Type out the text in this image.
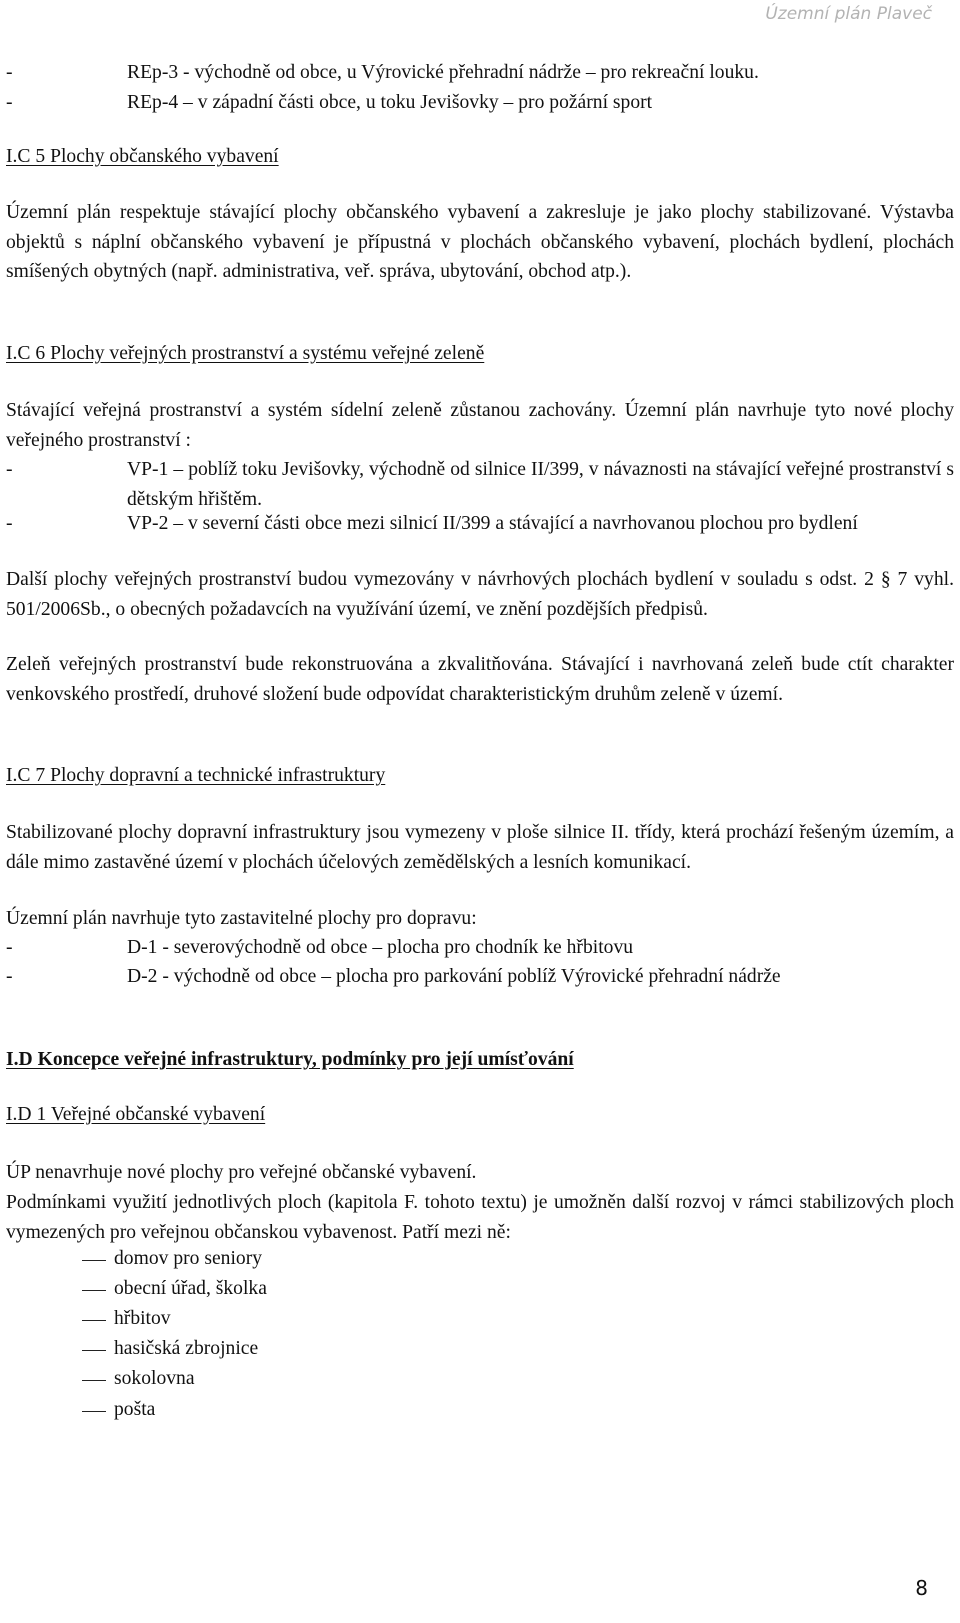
Územní plán Plaveč
-	REp-3 - východně od obce, u Výrovické přehradní nádrže – pro rekreační louku.
-	REp-4 – v západní části obce, u toku Jevišovky – pro požární sport
I.C 5 Plochy občanského vybavení

Územní plán respektuje stávající plochy občanského vybavení a zakresluje je jako plochy stabilizované. Výstavba objektů s náplní občanského vybavení je přípustná v plochách občanského vybavení, plochách bydlení, plochách smíšených obytných (např. administrativa, veř. správa, ubytování, obchod atp.).

I.C 6 Plochy veřejných prostranství a systému veřejné zeleně

Stávající veřejná prostranství a systém sídelní zeleně zůstanou zachovány. Územní plán navrhuje tyto nové plochy veřejného prostranství :

-	VP-1 – poblíž toku Jevišovky, východně od silnice II/399, v návaznosti na stávající veřejné prostranství s dětským hřištěm.
-	VP-2 – v severní části obce mezi silnicí II/399 a stávající a navrhovanou plochou pro bydlení

Další plochy veřejných prostranství budou vymezovány v návrhových plochách bydlení v souladu s odst. 2 § 7 vyhl. 501/2006Sb., o obecných požadavcích na využívání území, ve znění pozdějších předpisů.

Zeleň veřejných prostranství bude rekonstruována a zkvalitňována. Stávající i navrhovaná zeleň bude ctít charakter venkovského prostředí, druhové složení bude odpovídat charakteristickým druhům zeleně v území.

I.C 7 Plochy dopravní a technické infrastruktury

Stabilizované plochy dopravní infrastruktury jsou vymezeny v ploše silnice II. třídy, která prochází řešeným územím, a dále mimo zastavěné území v plochách účelových zemědělských a lesních komunikací.

Územní plán navrhuje tyto zastavitelné plochy pro dopravu:

-	D-1 - severovýchodně od obce – plocha pro chodník ke hřbitovu
-	D-2 - východně od obce – plocha pro parkování poblíž Výrovické přehradní nádrže
I.D Koncepce veřejné infrastruktury, podmínky pro její umísťování
I.D 1 Veřejné občanské vybavení

ÚP nenavrhuje nové plochy pro veřejné občanské vybavení.

Podmínkami využití jednotlivých ploch (kapitola F. tohoto textu) je umožněn další rozvoj v rámci stabilizových ploch vymezených pro veřejnou občanskou vybavenost. Patří mezi ně:

domov pro seniory
obecní úřad, školka
hřbitov
hasičská zbrojnice
sokolovna
pošta
8
